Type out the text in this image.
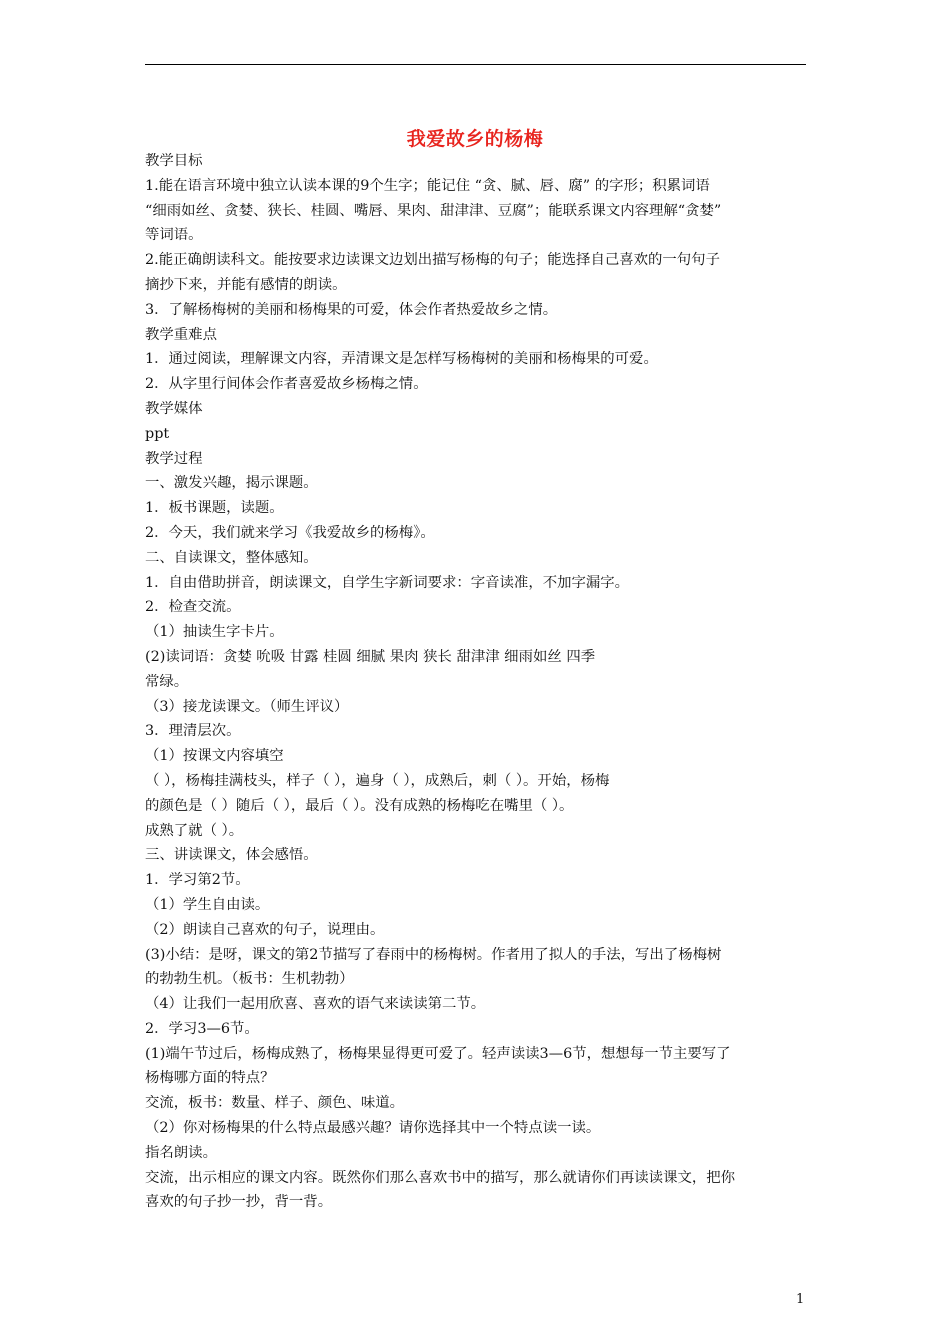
我爱故乡的杨梅
教学目标
1.能在语言环境中独立认读本课的9个生字；能记住 “贪、腻、唇、腐” 的字形；积累词语
“细雨如丝、贪婪、狭长、桂圆、嘴唇、果肉、甜津津、豆腐”；能联系课文内容理解“贪婪”
等词语。
2.能正确朗读科文。能按要求边读课文边划出描写杨梅的句子；能选择自己喜欢的一句句子
摘抄下来，并能有感情的朗读。
3．了解杨梅树的美丽和杨梅果的可爱，体会作者热爱故乡之情。
教学重难点
1．通过阅读，理解课文内容，弄清课文是怎样写杨梅树的美丽和杨梅果的可爱。
2．从字里行间体会作者喜爱故乡杨梅之情。
教学媒体
ppt
教学过程
一、激发兴趣，揭示课题。
1．板书课题，读题。
2．今天，我们就来学习《我爱故乡的杨梅》。
二、自读课文，整体感知。
1．自由借助拼音，朗读课文，自学生字新词要求：字音读准，不加字漏字。
2．检查交流。
（1）抽读生字卡片。
(2)读词语：贪婪 吮吸 甘露 桂圆 细腻 果肉 狭长 甜津津 细雨如丝 四季
常绿。
（3）接龙读课文。（师生评议）
3．理清层次。
（1）按课文内容填空
（ ），杨梅挂满枝头，样子（ ），遍身（ ），成熟后，刺（ ）。开始，杨梅
的颜色是（ ）随后（ ），最后（ ）。没有成熟的杨梅吃在嘴里（ ）。
成熟了就（ ）。
三、讲读课文，体会感悟。
1．学习第2节。
（1）学生自由读。
（2）朗读自己喜欢的句子，说理由。
(3)小结：是呀，课文的第2节描写了春雨中的杨梅树。作者用了拟人的手法，写出了杨梅树
的勃勃生机。（板书：生机勃勃）
（4）让我们一起用欣喜、喜欢的语气来读读第二节。
2．学习3—6节。
(1)端午节过后，杨梅成熟了，杨梅果显得更可爱了。轻声读读3—6节，想想每一节主要写了
杨梅哪方面的特点？
交流，板书：数量、样子、颜色、味道。
（2）你对杨梅果的什么特点最感兴趣？请你选择其中一个特点读一读。
指名朗读。
交流，出示相应的课文内容。既然你们那么喜欢书中的描写，那么就请你们再读读课文，把你
喜欢的句子抄一抄，背一背。
1
